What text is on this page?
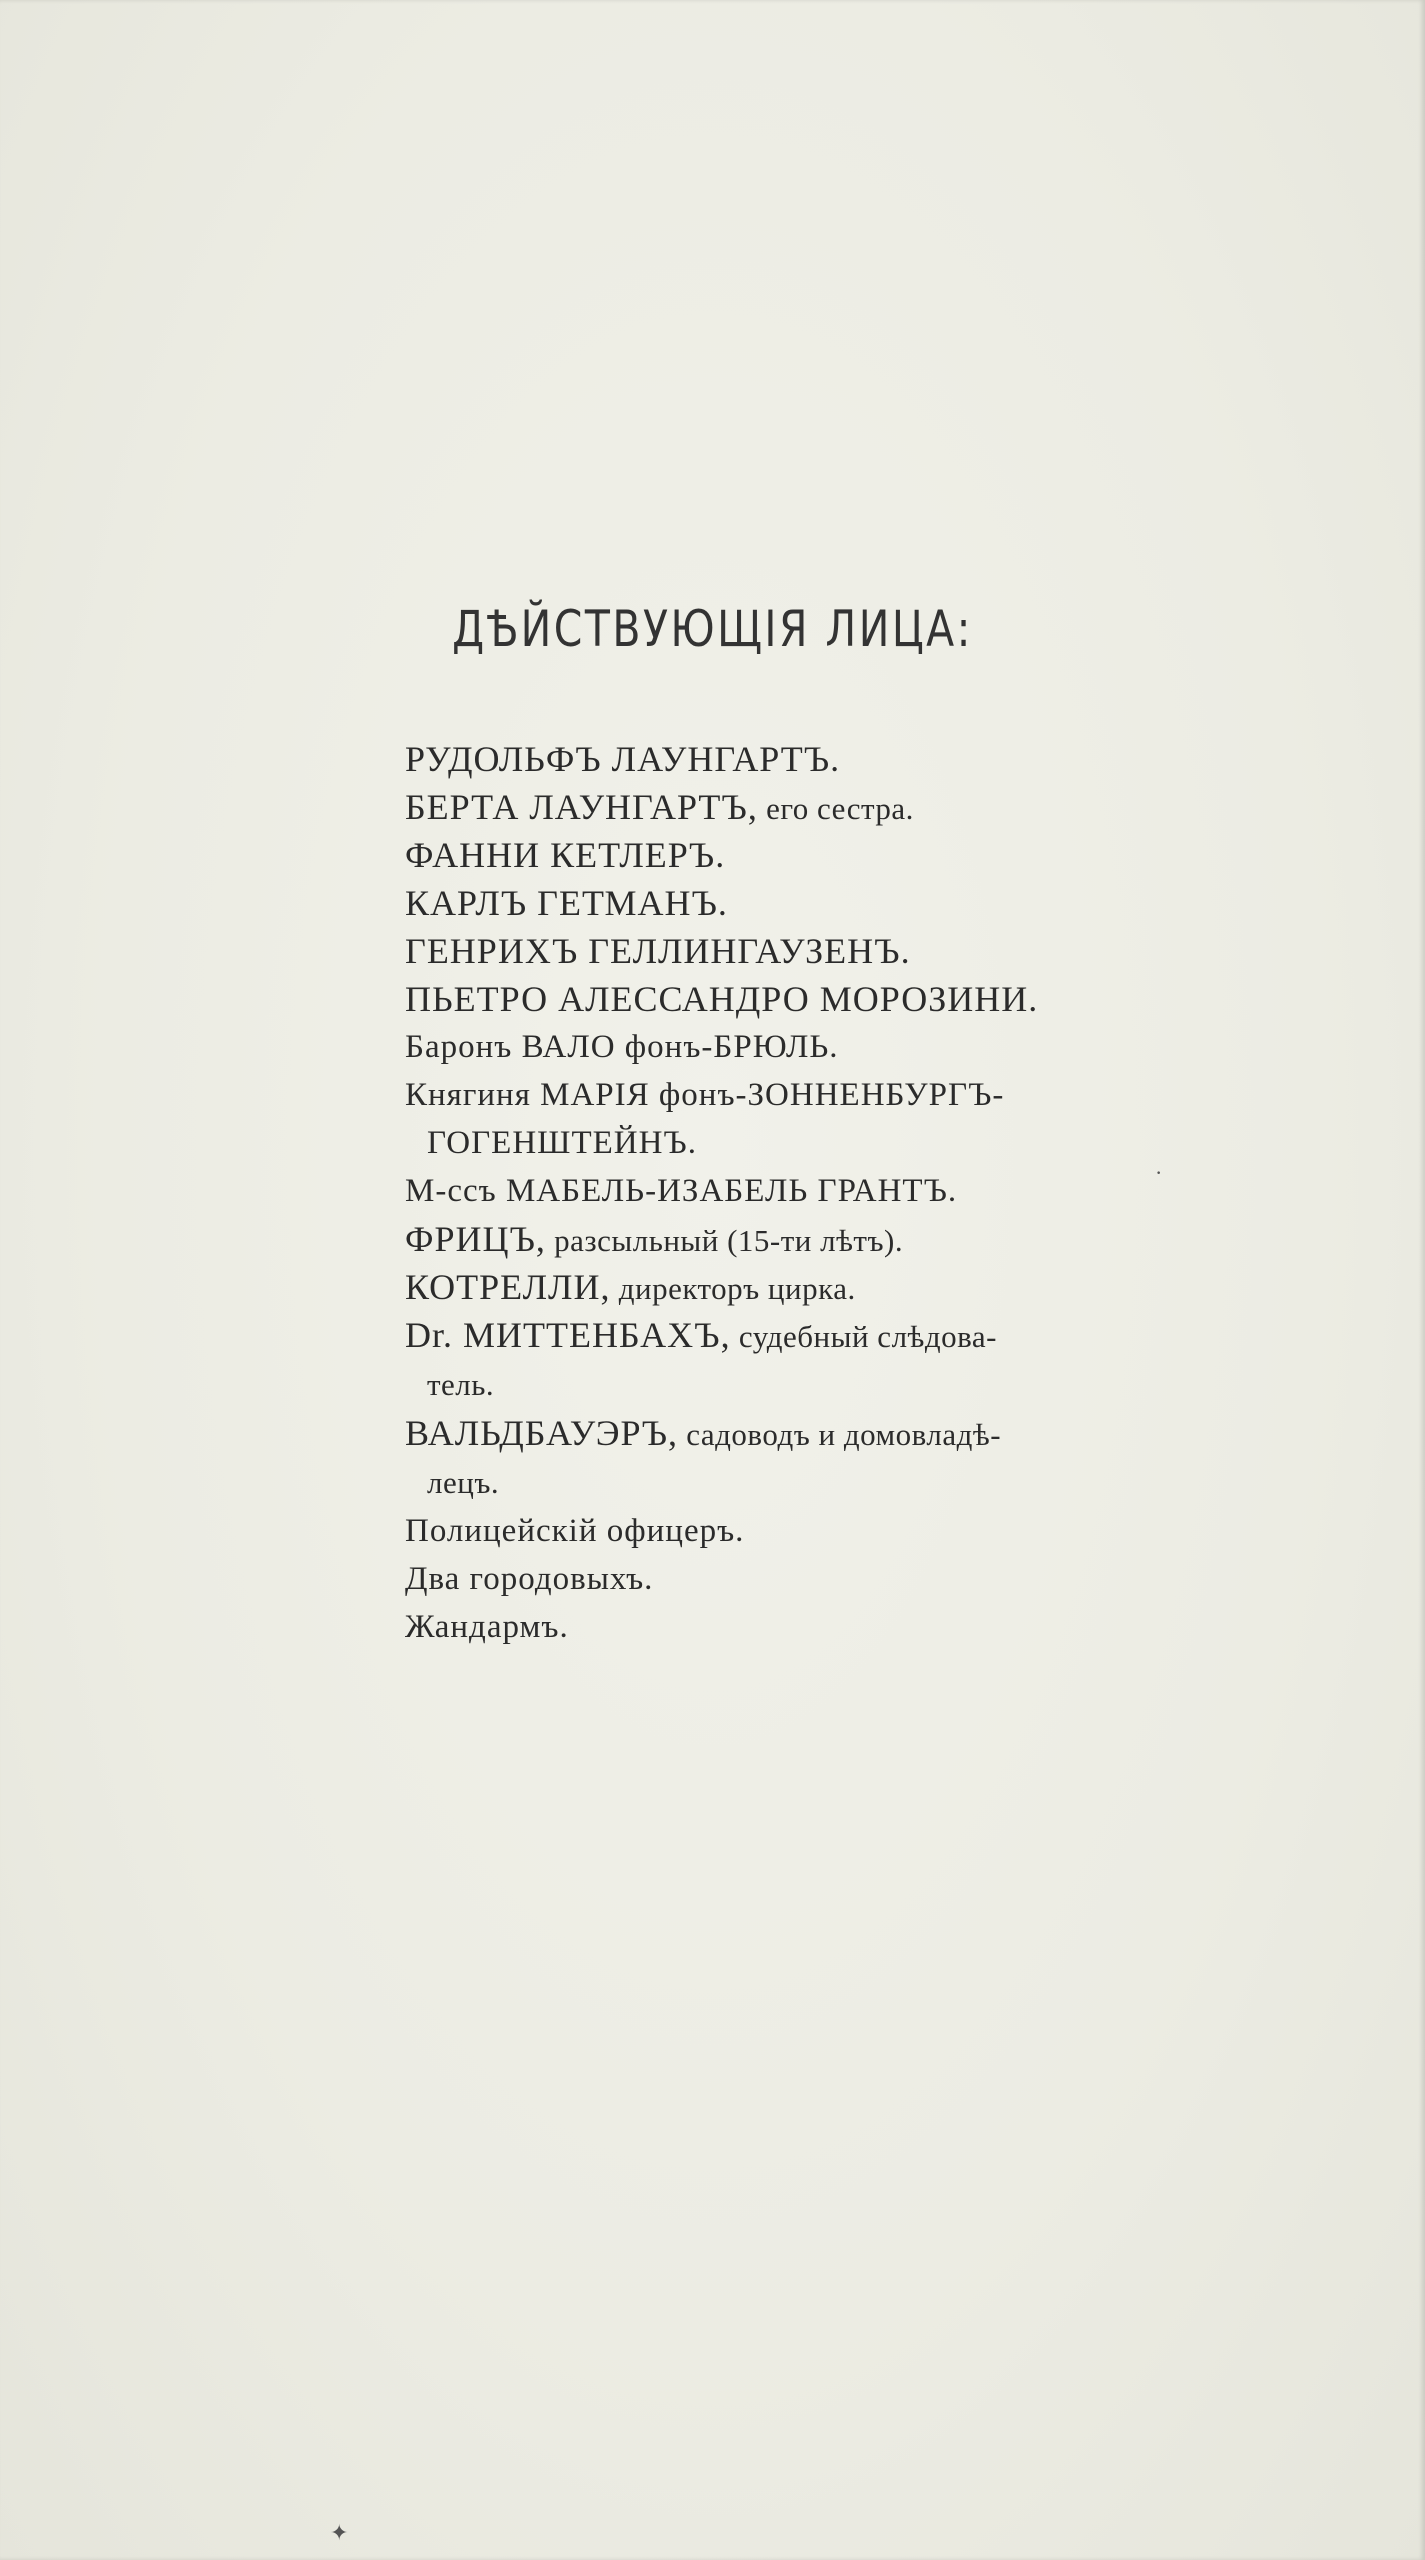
ДѢЙСТВУЮЩІЯ ЛИЦА:
РУДОЛЬФЪ ЛАУНГАРТЪ.
БЕРТА ЛАУНГАРТЪ, его сестра.
ФАННИ КЕТЛЕРЪ.
КАРЛЪ ГЕТМАНЪ.
ГЕНРИХЪ ГЕЛЛИНГАУЗЕНЪ.
ПЬЕТРО АЛЕССАНДРО МОРОЗИНИ.
Баронъ ВАЛО фонъ-БРЮЛЬ.
Княгиня МАРІЯ фонъ-ЗОННЕНБУРГЪ-
ГОГЕНШТЕЙНЪ.
М-ссъ МАБЕЛЬ-ИЗАБЕЛЬ ГРАНТЪ.
ФРИЦЪ, разсыльный (15-ти лѣтъ).
КОТРЕЛЛИ, директоръ цирка.
Dr. МИТТЕНБАХЪ, судебный слѣдова-
тель.
ВАЛЬДБАУЭРЪ, садоводъ и домовладѣ-
лецъ.
Полицейскій офицеръ.
Два городовыхъ.
Жандармъ.
·
✦
